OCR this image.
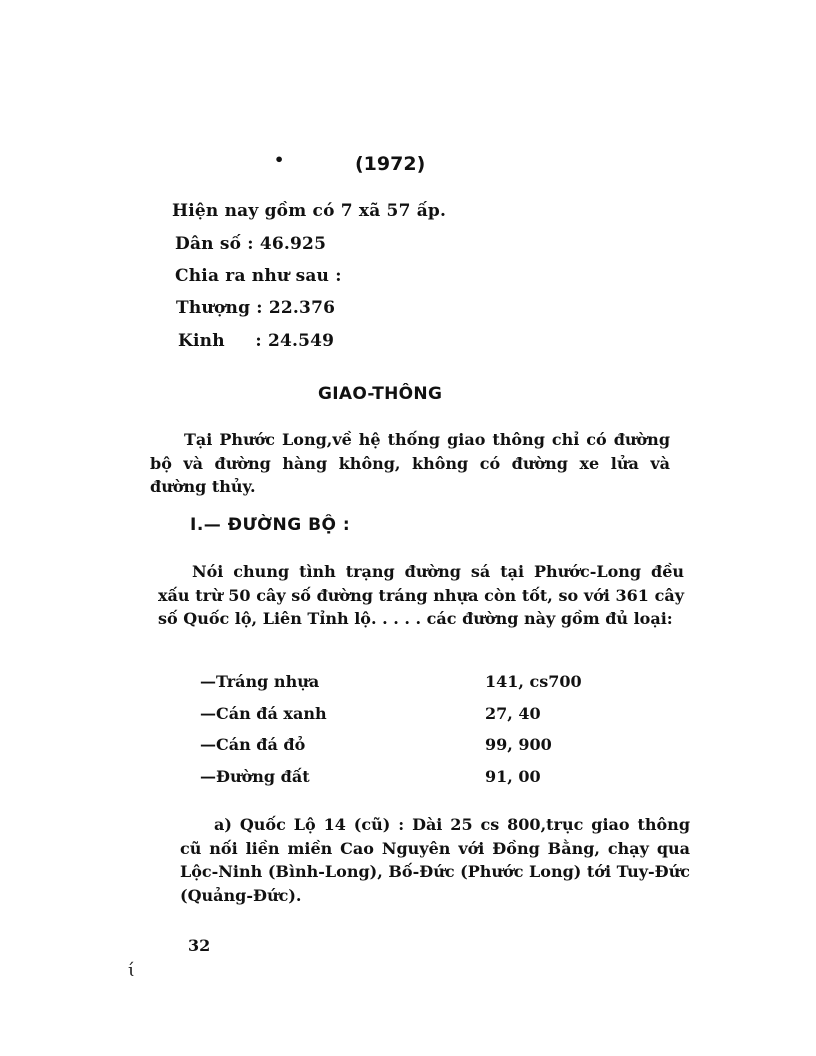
•	(1972)
Hiện nay gồm có 7 xã 57 ấp.
Dân số : 46.925
Chia ra như sau :
Thượng : 22.376
Kinh     : 24.549
GIAO-THÔNG
Tại Phước Long,về hệ thống giao thông chỉ có đường bộ và đường hàng không, không có đường xe lửa và đường thủy.
I.— ĐƯỜNG BỘ :
Nói chung tình trạng đường sá tại Phước-Long đều xấu trừ 50 cây số đường tráng nhựa còn tốt, so với 361 cây số Quốc lộ, Liên Tỉnh lộ. . . . . các đường này gồm đủ loại:
—Tráng nhựa	141, cs700
—Cán đá xanh	27, 40
—Cán đá đỏ	99, 900
—Đường đất	91, 00
a) Quốc Lộ 14 (cũ) : Dài 25 cs 800,trục giao thông cũ nối liền miền Cao Nguyên với Đồng Bằng, chạy qua Lộc-Ninh (Bình-Long), Bố-Đức (Phước Long) tới Tuy-Đức (Quảng-Đức).
32
ɩ́
